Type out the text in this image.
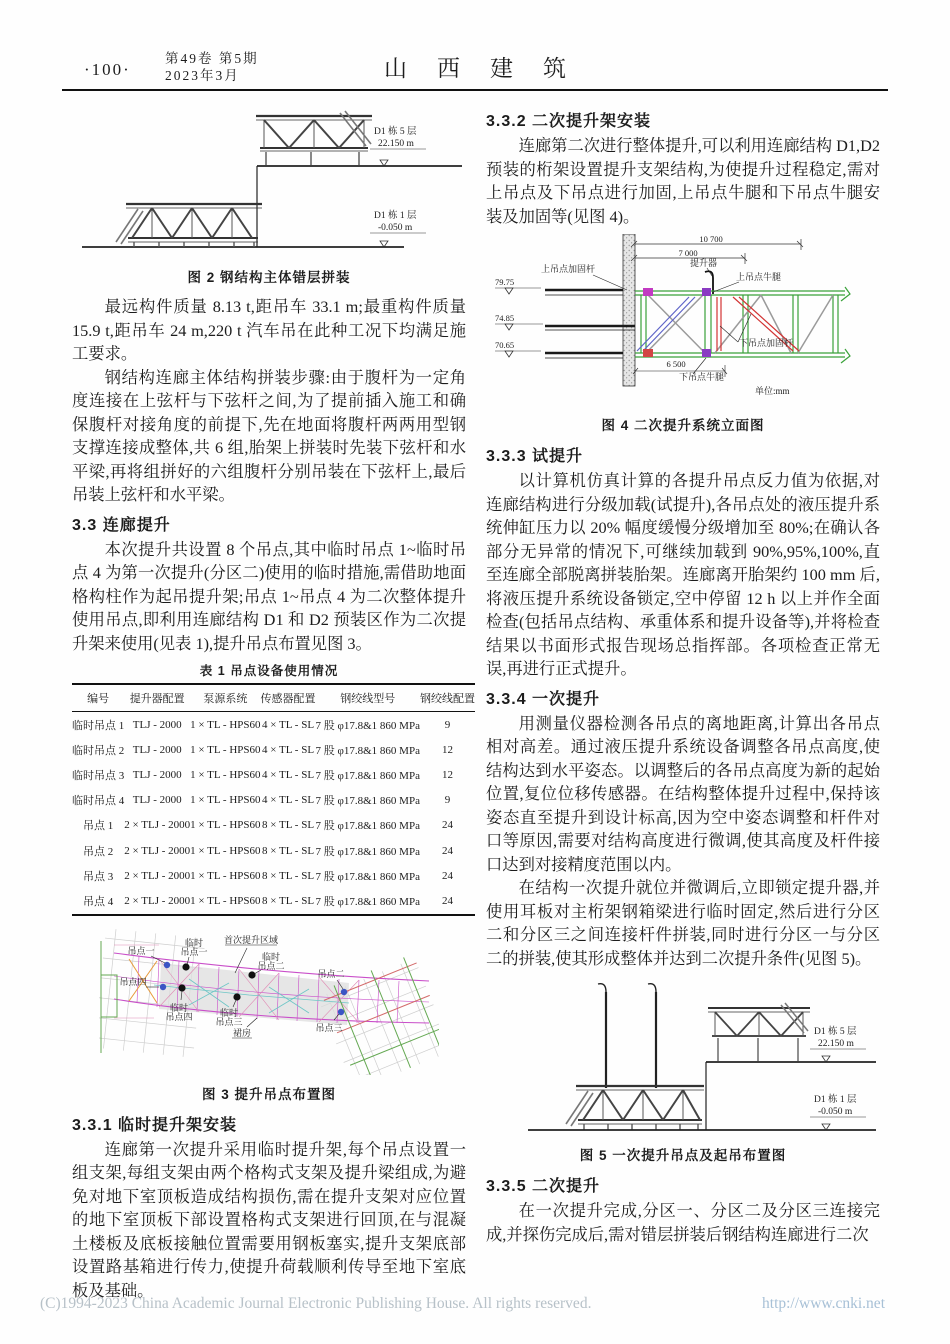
·100·
第49卷 第5期
2023年3月	山西建筑
D1 栋 5 层
22.150 m
D1 栋 1 层
-0.050 m
图 2 钢结构主体错层拼装

最远构件质量 8.13 t,距吊车 33.1 m;最重构件质量 15.9 t,距吊车 24 m,220 t 汽车吊在此种工况下均满足施工要求。

钢结构连廊主体结构拼装步骤:由于腹杆为一定角度连接在上弦杆与下弦杆之间,为了提前插入施工和确保腹杆对接角度的前提下,先在地面将腹杆两两用型钢支撑连接成整体,共 6 组,胎架上拼装时先装下弦杆和水平梁,再将组拼好的六组腹杆分别吊装在下弦杆上,最后吊装上弦杆和水平梁。

3.3 连廊提升

本次提升共设置 8 个吊点,其中临时吊点 1~临时吊点 4 为第一次提升(分区二)使用的临时措施,需借助地面格构柱作为起吊提升架;吊点 1~吊点 4 为二次整体提升使用吊点,即利用连廊结构 D1 和 D2 预装区作为二次提升架来使用(见表 1),提升吊点布置见图 3。

表 1 吊点设备使用情况
编号	提升器配置	泵源系统	传感器配置	钢绞线型号	钢绞线配置
临时吊点 1	TLJ - 2000	1 × TL - HPS60	4 × TL - SL	7 股 φ17.8&1 860 MPa	9
临时吊点 2	TLJ - 2000	1 × TL - HPS60	4 × TL - SL	7 股 φ17.8&1 860 MPa	12
临时吊点 3	TLJ - 2000	1 × TL - HPS60	4 × TL - SL	7 股 φ17.8&1 860 MPa	12
临时吊点 4	TLJ - 2000	1 × TL - HPS60	4 × TL - SL	7 股 φ17.8&1 860 MPa	9
吊点 1	2 × TLJ - 2000	1 × TL - HPS60	8 × TL - SL	7 股 φ17.8&1 860 MPa	24
吊点 2	2 × TLJ - 2000	1 × TL - HPS60	8 × TL - SL	7 股 φ17.8&1 860 MPa	24
吊点 3	2 × TLJ - 2000	1 × TL - HPS60	8 × TL - SL	7 股 φ17.8&1 860 MPa	24
吊点 4	2 × TLJ - 2000	1 × TL - HPS60	8 × TL - SL	7 股 φ17.8&1 860 MPa	24
吊点一
临时
吊点一
首次提升区域
临时
吊点二
吊点二
吊点四
临时
吊点四	临时
吊点三
裙房	吊点三
图 3 提升吊点布置图
3.3.1 临时提升架安装

连廊第一次提升采用临时提升架,每个吊点设置一组支架,每组支架由两个格构式支架及提升梁组成,为避免对地下室顶板造成结构损伤,需在提升支架对应位置的地下室顶板下部设置格构式支架进行回顶,在与混凝土楼板及底板接触位置需要用钢板塞实,提升支架底部设置路基箱进行传力,使提升荷载顺利传导至地下室底板及基础。

3.3.2 二次提升架安装

连廊第二次进行整体提升,可以利用连廊结构 D1,D2 预装的桁架设置提升支架结构,为使提升过程稳定,需对上吊点及下吊点进行加固,上吊点牛腿和下吊点牛腿安装及加固等(见图 4)。

10 700
7 000
提升器
79.75
74.85
70.65
上吊点加固杆
上吊点牛腿
下吊点加固杆
下吊点牛腿
6 500
单位:mm
图 4 二次提升系统立面图
3.3.3 试提升

以计算机仿真计算的各提升吊点反力值为依据,对连廊结构进行分级加载(试提升),各吊点处的液压提升系统伸缸压力以 20% 幅度缓慢分级增加至 80%;在确认各部分无异常的情况下,可继续加载到 90%,95%,100%,直至连廊全部脱离拼装胎架。连廊离开胎架约 100 mm 后,将液压提升系统设备锁定,空中停留 12 h 以上并作全面检查(包括吊点结构、承重体系和提升设备等),并将检查结果以书面形式报告现场总指挥部。各项检查正常无误,再进行正式提升。

3.3.4 一次提升

用测量仪器检测各吊点的离地距离,计算出各吊点相对高差。通过液压提升系统设备调整各吊点高度,使结构达到水平姿态。以调整后的各吊点高度为新的起始位置,复位位移传感器。在结构整体提升过程中,保持该姿态直至提升到设计标高,因为空中姿态调整和杆件对口等原因,需要对结构高度进行微调,使其高度及杆件接口达到对接精度范围以内。

在结构一次提升就位并微调后,立即锁定提升器,并使用耳板对主桁架钢箱梁进行临时固定,然后进行分区二和分区三之间连接杆件拼装,同时进行分区一与分区二的拼装,使其形成整体并达到二次提升条件(见图 5)。

D1 栋 5 层
22.150 m
D1 栋 1 层
-0.050 m
图 5 一次提升吊点及起吊布置图
3.3.5 二次提升

在一次提升完成,分区一、分区二及分区三连接完成,并探伤完成后,需对错层拼装后钢结构连廊进行二次

(C)1994-2023 China Academic Journal Electronic Publishing House. All rights reserved.	http://www.cnki.net
